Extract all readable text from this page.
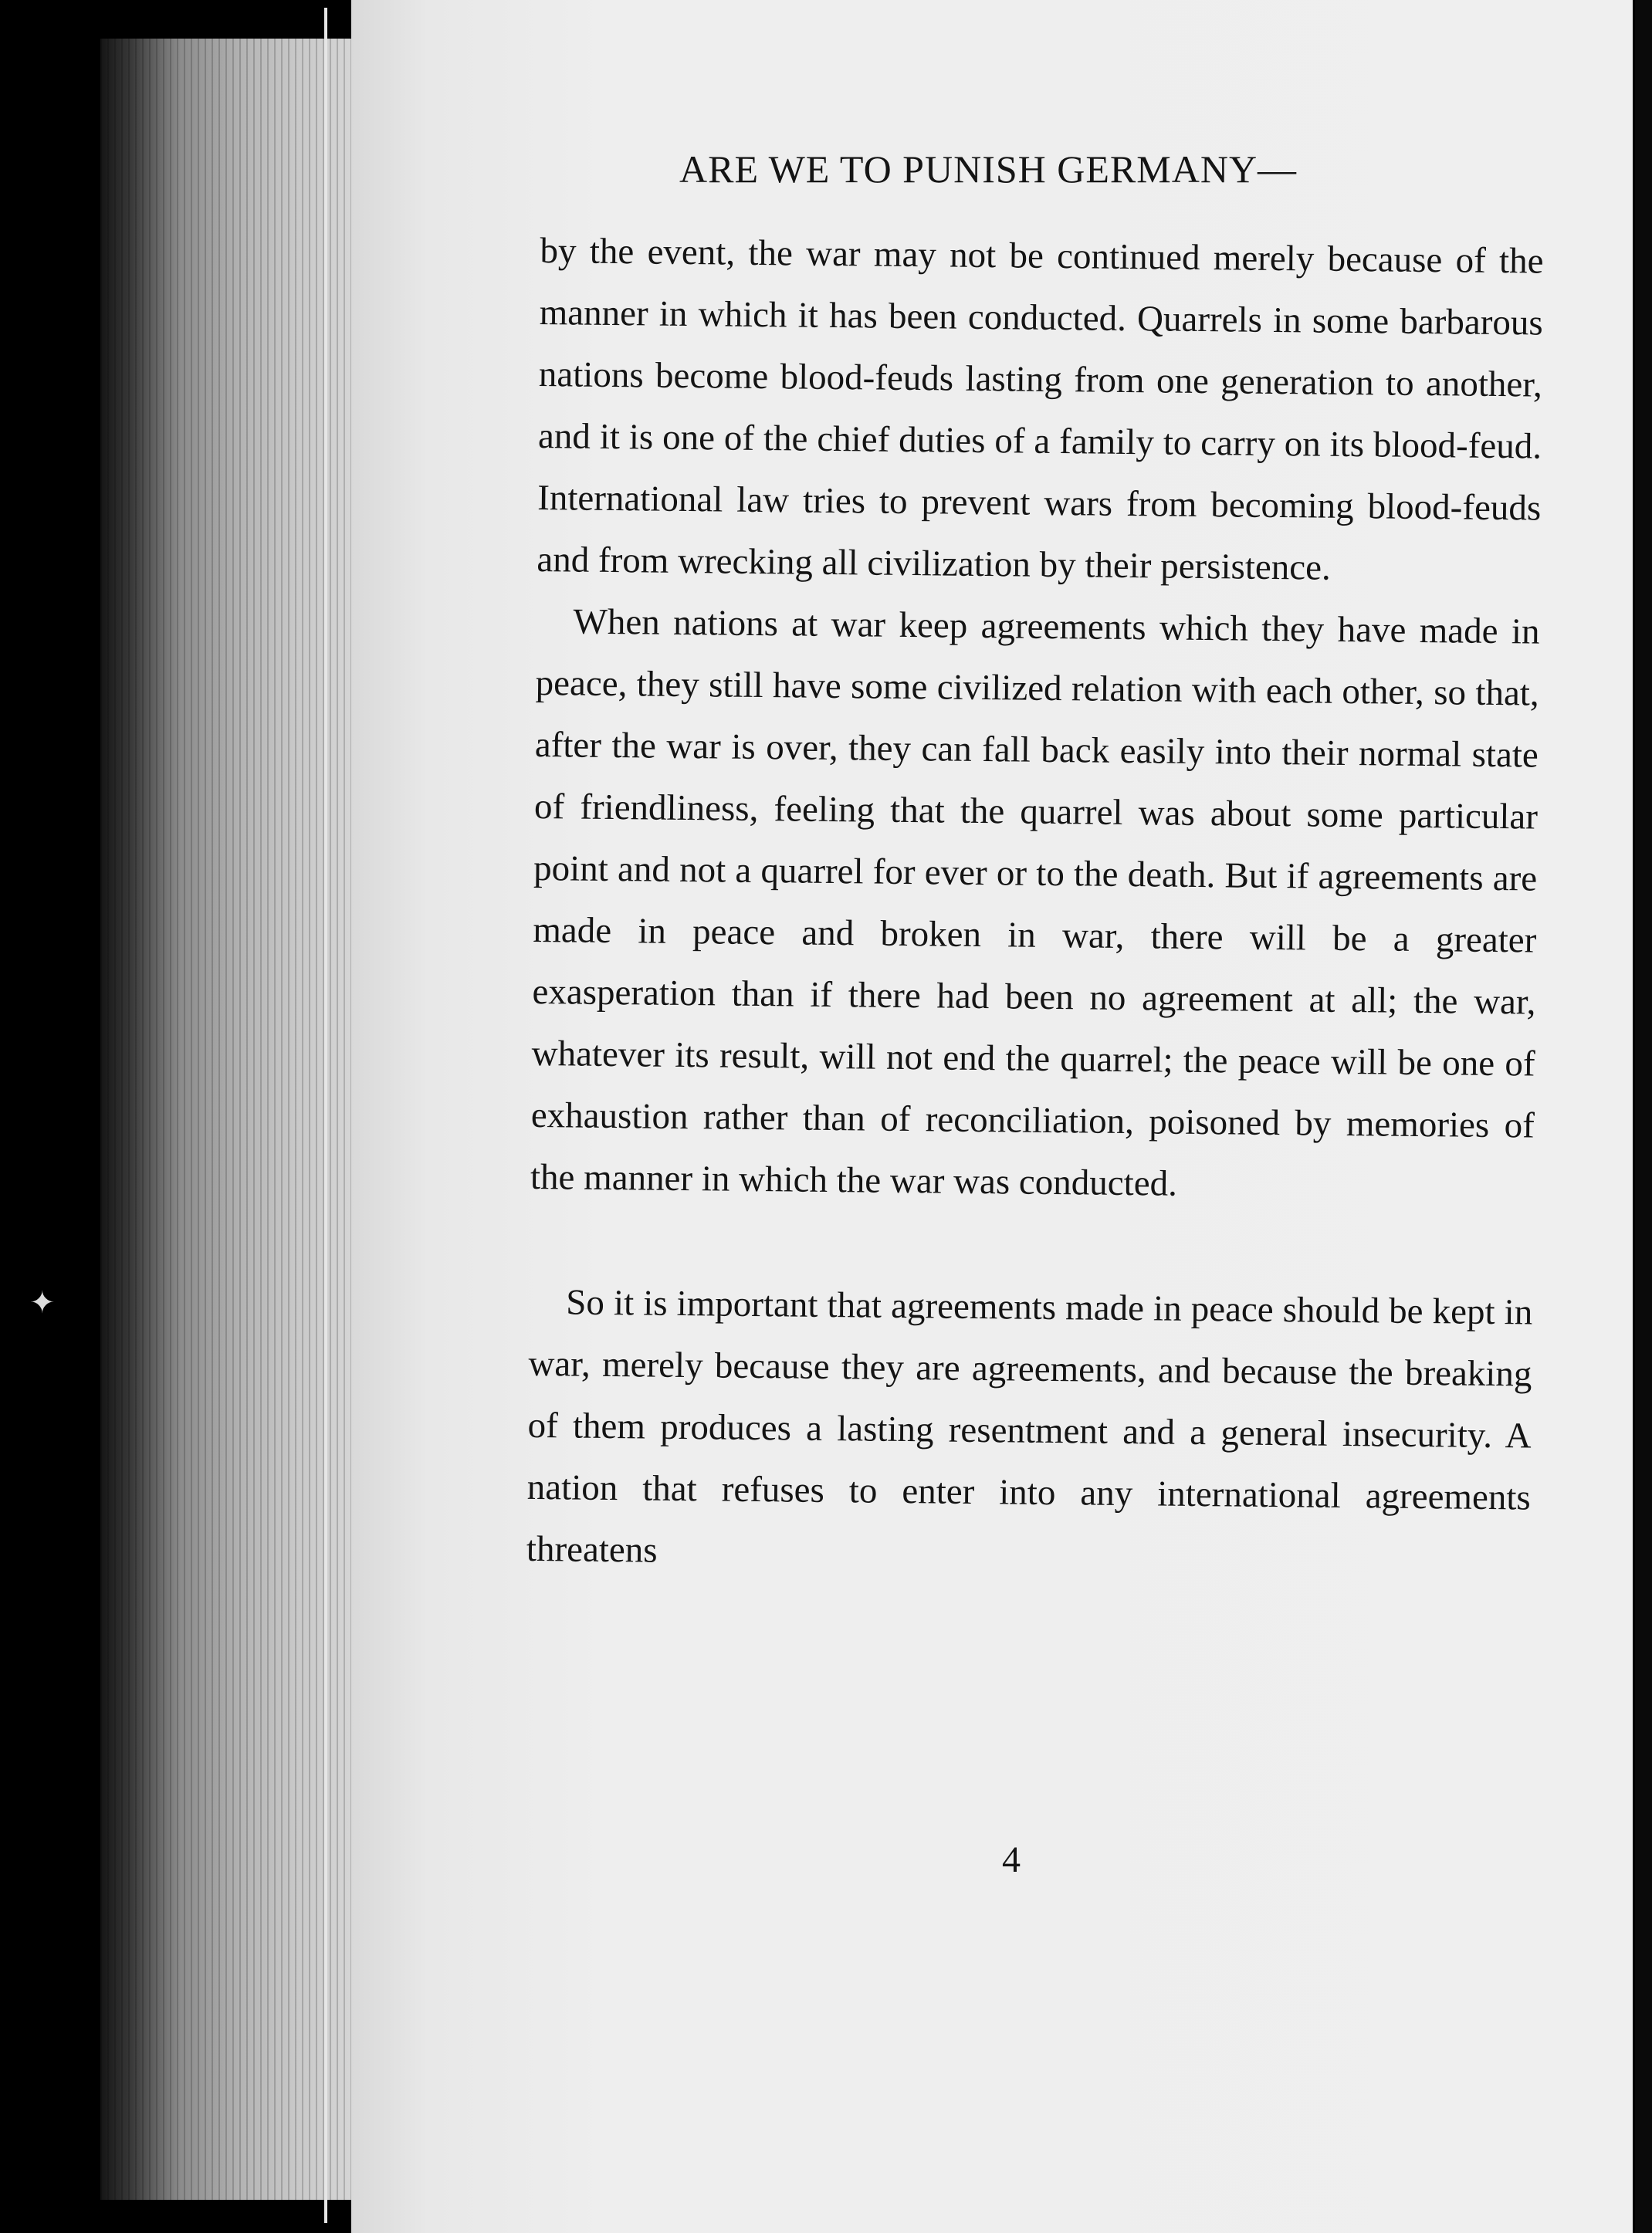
✦
ARE WE TO PUNISH GERMANY—

by the event, the war may not be continued merely because of the manner in which it has been conducted. Quarrels in some barbarous nations become blood-feuds lasting from one generation to another, and it is one of the chief duties of a family to carry on its blood-feud. International law tries to prevent wars from becoming blood-feuds and from wrecking all civilization by their persistence.

When nations at war keep agreements which they have made in peace, they still have some civilized relation with each other, so that, after the war is over, they can fall back easily into their normal state of friendliness, feeling that the quarrel was about some particular point and not a quarrel for ever or to the death. But if agreements are made in peace and broken in war, there will be a greater exasperation than if there had been no agreement at all; the war, whatever its result, will not end the quarrel; the peace will be one of exhaustion rather than of reconciliation, poisoned by memories of the manner in which the war was conducted.

So it is important that agreements made in peace should be kept in war, merely because they are agreements, and because the breaking of them produces a lasting resentment and a general insecurity. A nation that refuses to enter into any international agreements threatens

4
